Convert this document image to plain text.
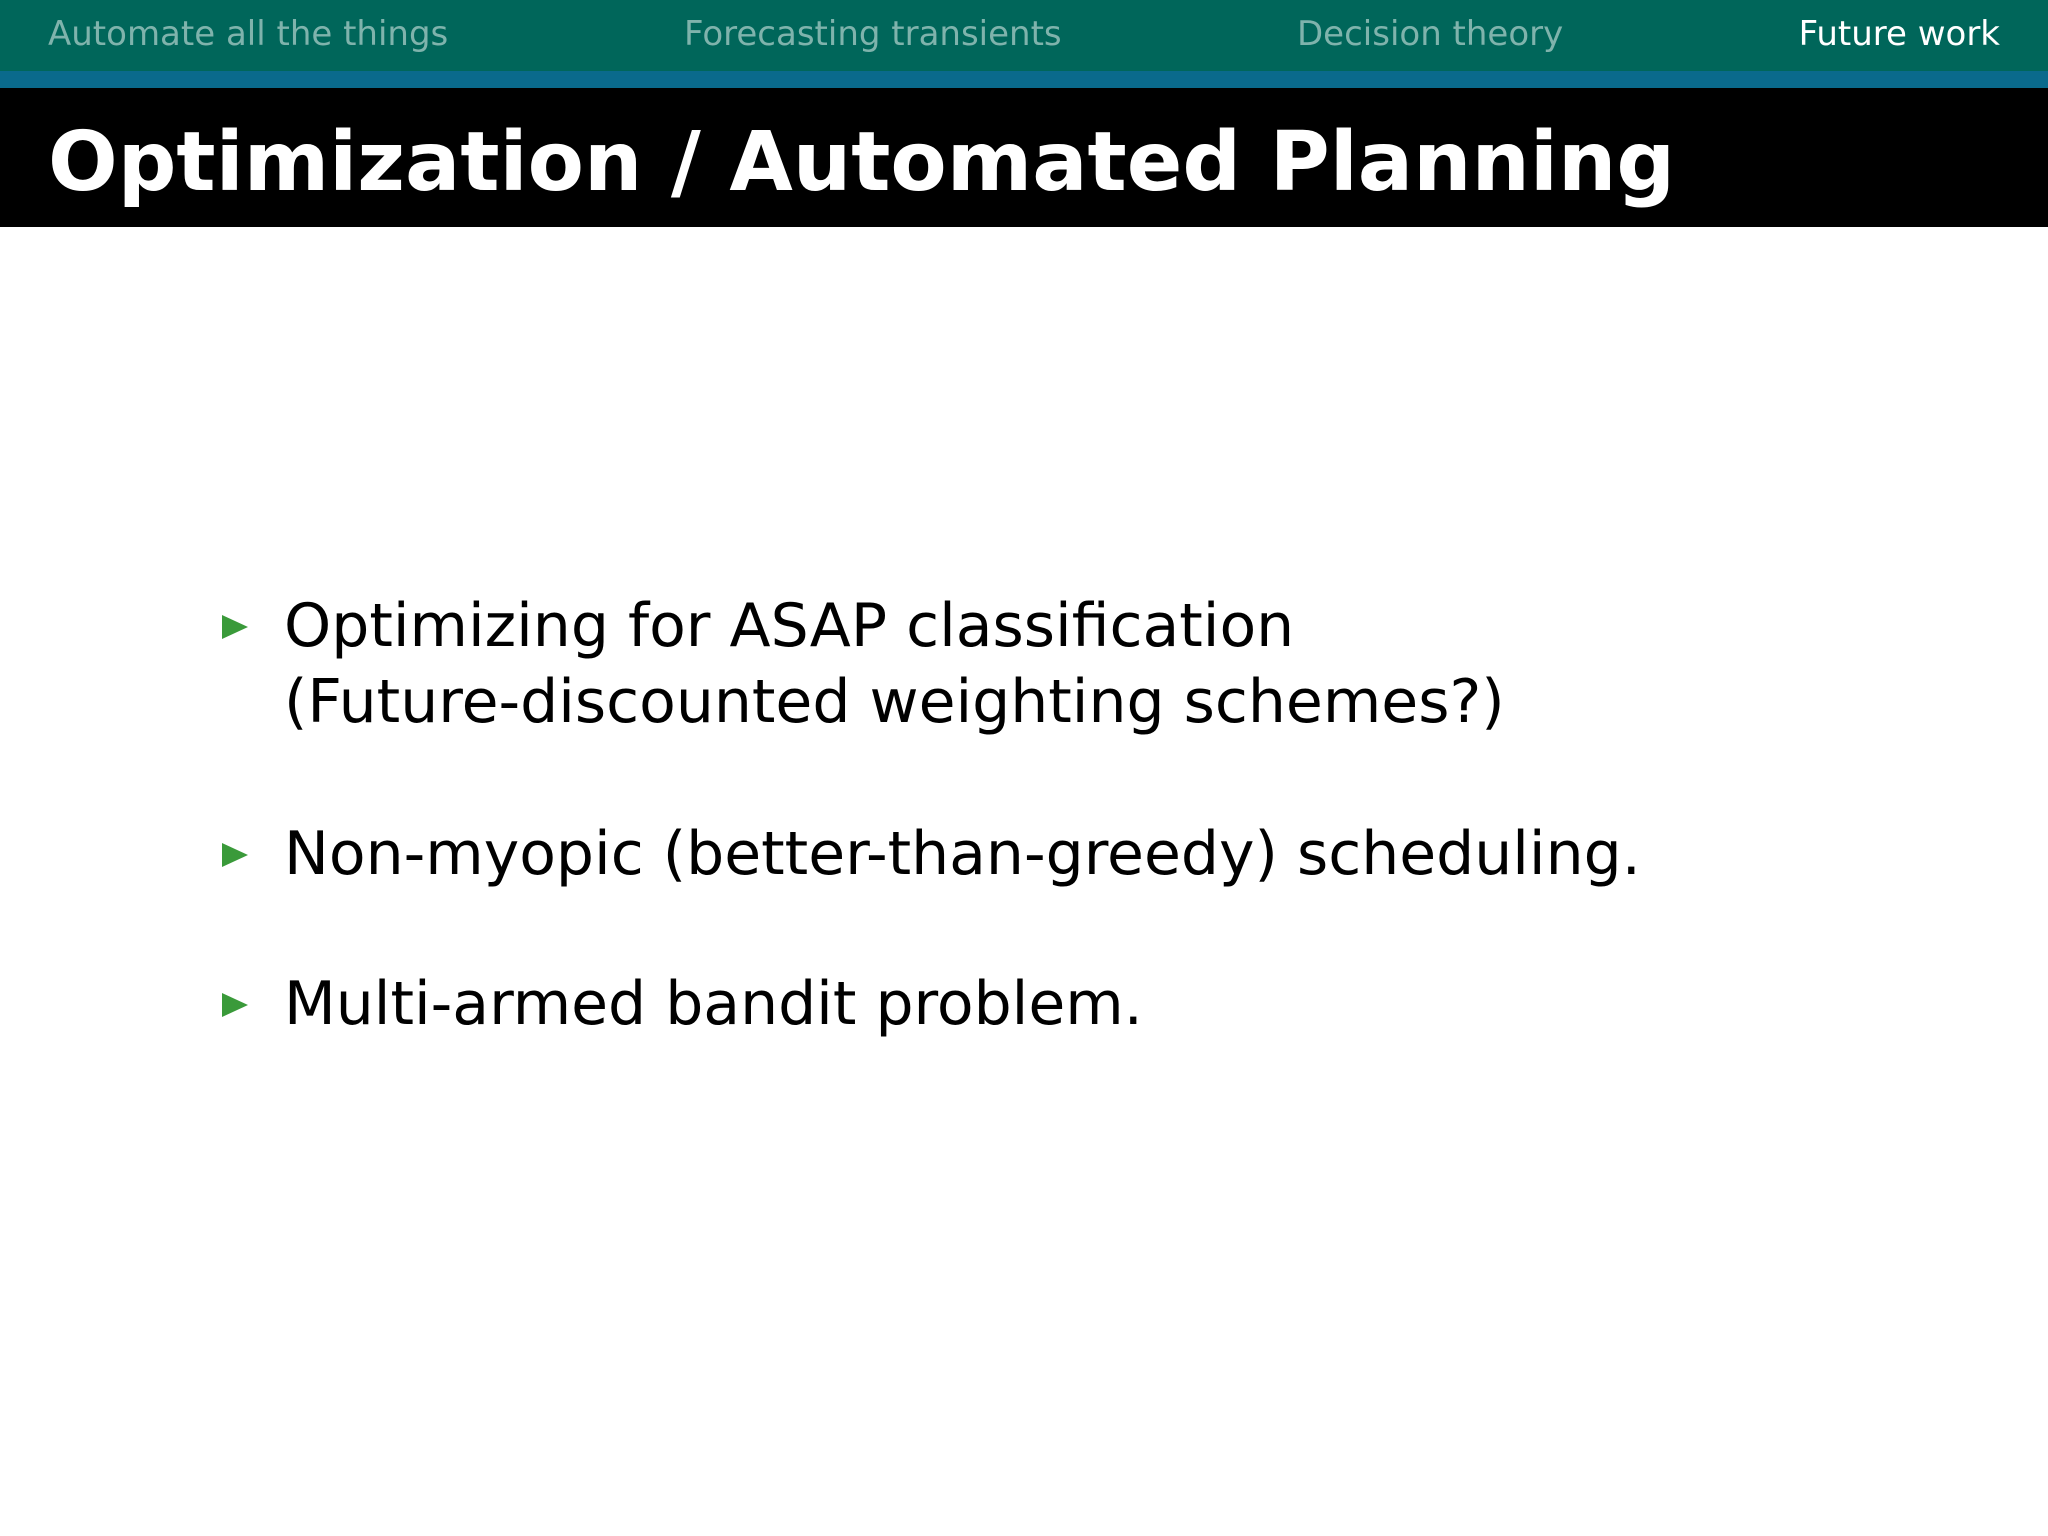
Automate all the things	Forecasting transients	Decision theory	Future work
Optimization / Automated Planning
Optimizing for ASAP classification
(Future-discounted weighting schemes?)
Non-myopic (better-than-greedy) scheduling.
Multi-armed bandit problem.
